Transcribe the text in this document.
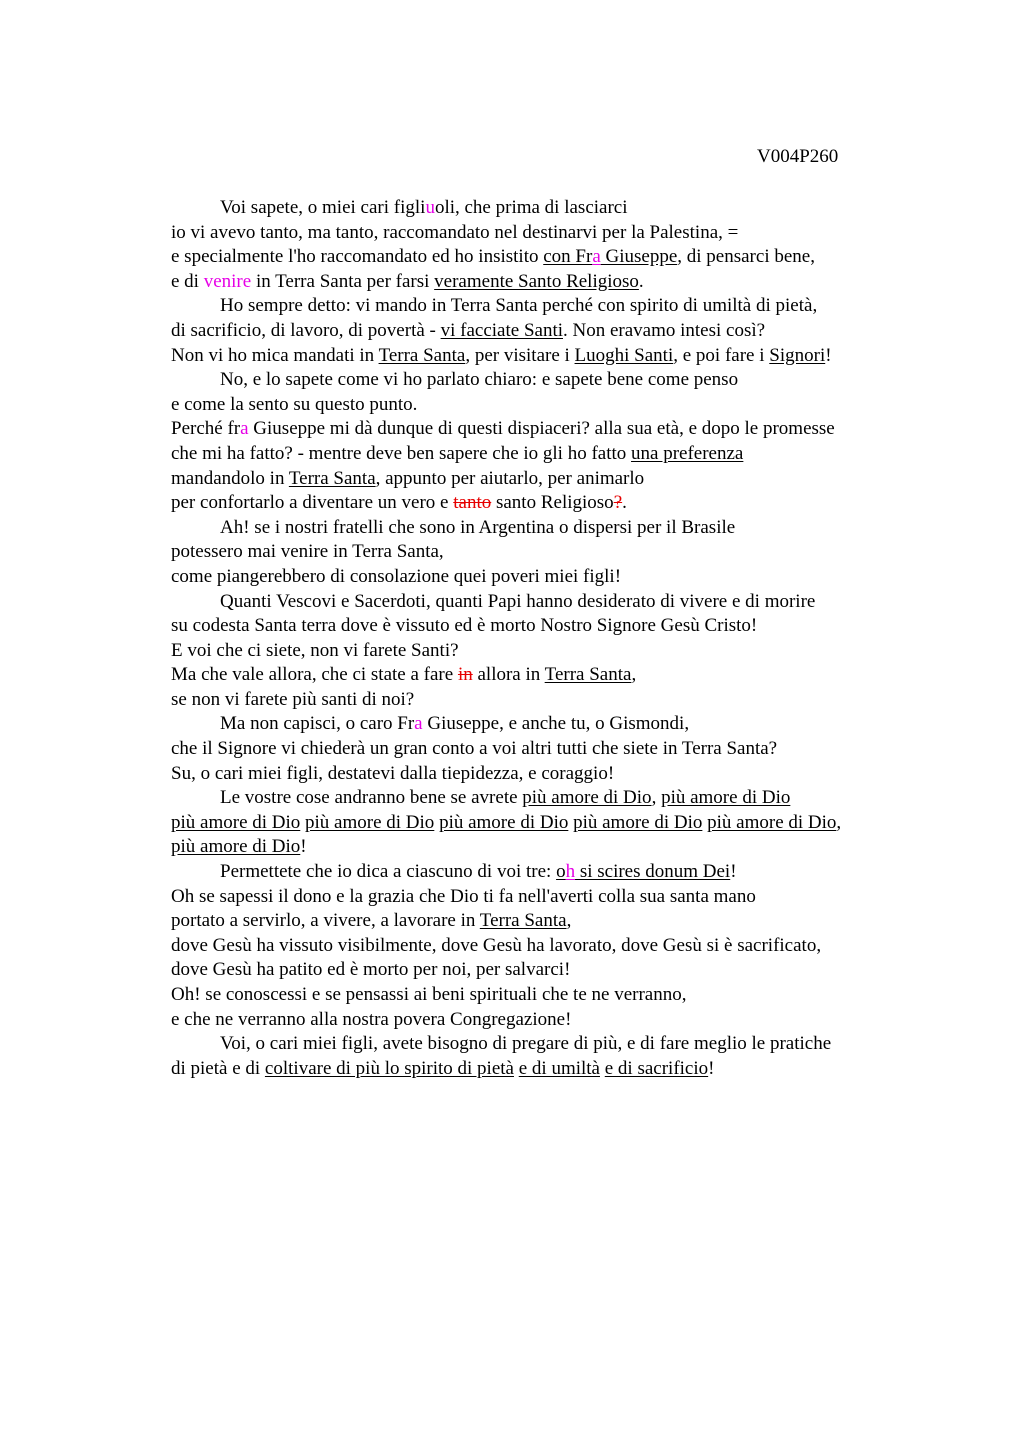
V004P260
Voi sapete, o miei cari figliuoli, che prima di lasciarci
io vi avevo tanto, ma tanto, raccomandato nel destinarvi per la Palestina, =
e specialmente l'ho raccomandato ed ho insistito con Fra Giuseppe, di pensarci bene,
e di venire in Terra Santa per farsi veramente Santo Religioso.
Ho sempre detto: vi mando in Terra Santa perché con spirito di umiltà di pietà,
di sacrificio, di lavoro, di povertà - vi facciate Santi. Non eravamo intesi così?
Non vi ho mica mandati in Terra Santa, per visitare i Luoghi Santi, e poi fare i Signori!
No, e lo sapete come vi ho parlato chiaro: e sapete bene come penso
e come la sento su questo punto.
Perché fra Giuseppe mi dà dunque di questi dispiaceri? alla sua età, e dopo le promesse
che mi ha fatto? - mentre deve ben sapere che io gli ho fatto una preferenza
mandandolo in Terra Santa, appunto per aiutarlo, per animarlo
per confortarlo a diventare un vero e tanto santo Religioso?.
Ah! se i nostri fratelli che sono in Argentina o dispersi per il Brasile
potessero mai venire in Terra Santa,
come piangerebbero di consolazione quei poveri miei figli!
Quanti Vescovi e Sacerdoti, quanti Papi hanno desiderato di vivere e di morire
su codesta Santa terra dove è vissuto ed è morto Nostro Signore Gesù Cristo!
E voi che ci siete, non vi farete Santi?
Ma che vale allora, che ci state a fare in allora in Terra Santa,
se non vi farete più santi di noi?
Ma non capisci, o caro Fra Giuseppe, e anche tu, o Gismondi,
che il Signore vi chiederà un gran conto a voi altri tutti che siete in Terra Santa?
Su, o cari miei figli, destatevi dalla tiepidezza, e coraggio!
Le vostre cose andranno bene se avrete più amore di Dio, più amore di Dio
più amore di Dio più amore di Dio più amore di Dio più amore di Dio più amore di Dio,
più amore di Dio!
Permettete che io dica a ciascuno di voi tre: oh si scires donum Dei!
Oh se sapessi il dono e la grazia che Dio ti fa nell'averti colla sua santa mano
portato a servirlo, a vivere, a lavorare in Terra Santa,
dove Gesù ha vissuto visibilmente, dove Gesù ha lavorato, dove Gesù si è sacrificato,
dove Gesù ha patito ed è morto per noi, per salvarci!
Oh! se conoscessi e se pensassi ai beni spirituali che te ne verranno,
e che ne verranno alla nostra povera Congregazione!
Voi, o cari miei figli, avete bisogno di pregare di più, e di fare meglio le pratiche
di pietà e di coltivare di più lo spirito di pietà e di umiltà e di sacrificio!
